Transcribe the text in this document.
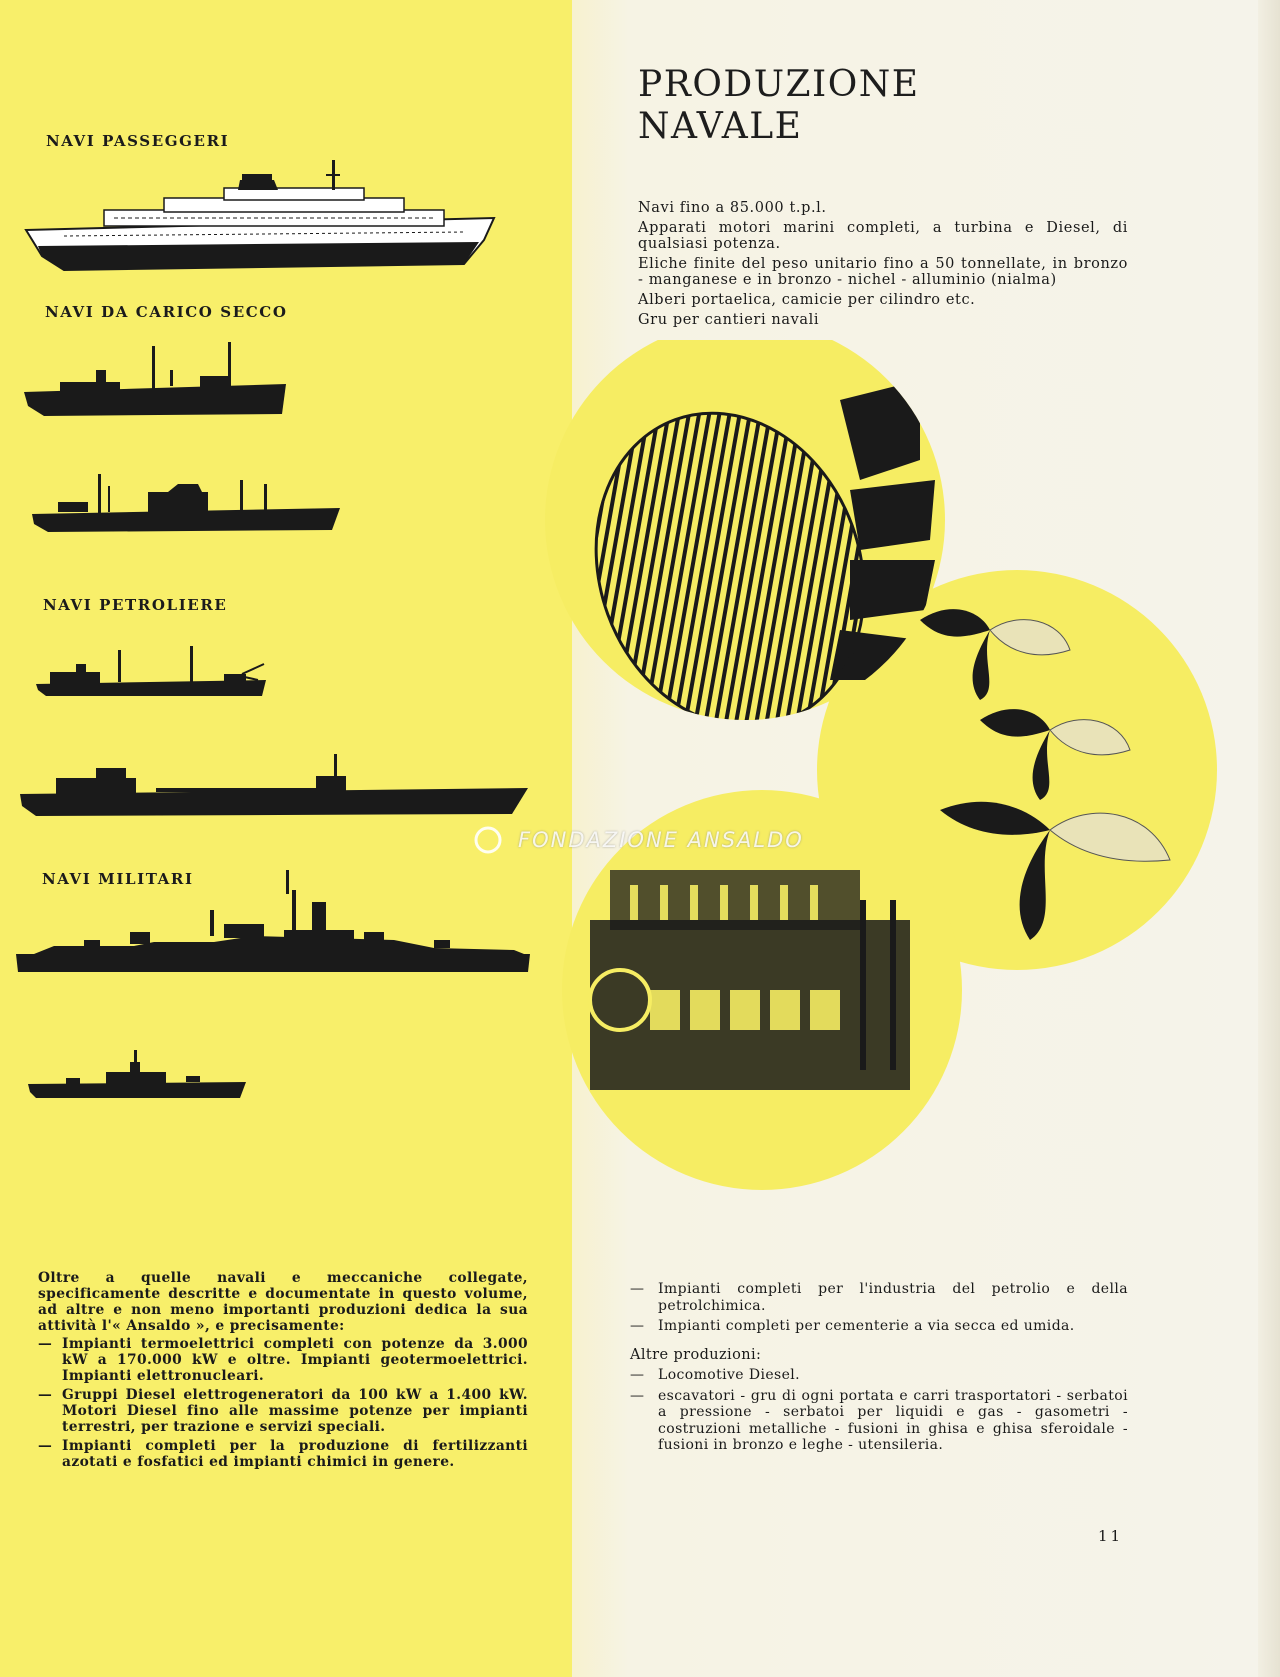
NAVI PASSEGGERI
NAVI DA CARICO SECCO
NAVI PETROLIERE
NAVI MILITARI
PRODUZIONE
NAVALE
Navi fino a 85.000 t.p.l.
Apparati motori marini completi, a turbina e Diesel, di qualsiasi potenza.
Eliche finite del peso unitario fino a 50 tonnellate, in bronzo - manganese e in bronzo - nichel - alluminio (nialma)
Alberi portaelica, camicie per cilindro etc.
Gru per cantieri navali
FONDAZIONE ANSALDO

Oltre a quelle navali e meccaniche collegate, specificamente descritte e documentate in questo volume, ad altre e non meno importanti produzioni dedica la sua attività l'« Ansaldo », e precisamente:

— Impianti termoelettrici completi con potenze da 3.000 kW a 170.000 kW e oltre. Impianti geotermoelettrici. Impianti elettronucleari.
— Gruppi Diesel elettrogeneratori da 100 kW a 1.400 kW. Motori Diesel fino alle massime potenze per impianti terrestri, per trazione e servizi speciali.
— Impianti completi per la produzione di fertilizzanti azotati e fosfatici ed impianti chimici in genere.
— Impianti completi per l'industria del petrolio e della petrolchimica.
— Impianti completi per cementerie a via secca ed umida.

Altre produzioni:

— Locomotive Diesel.
— escavatori - gru di ogni portata e carri trasportatori - serbatoi a pressione - serbatoi per liquidi e gas - gasometri - costruzioni metalliche - fusioni in ghisa e ghisa sferoidale - fusioni in bronzo e leghe - utensileria.
11
